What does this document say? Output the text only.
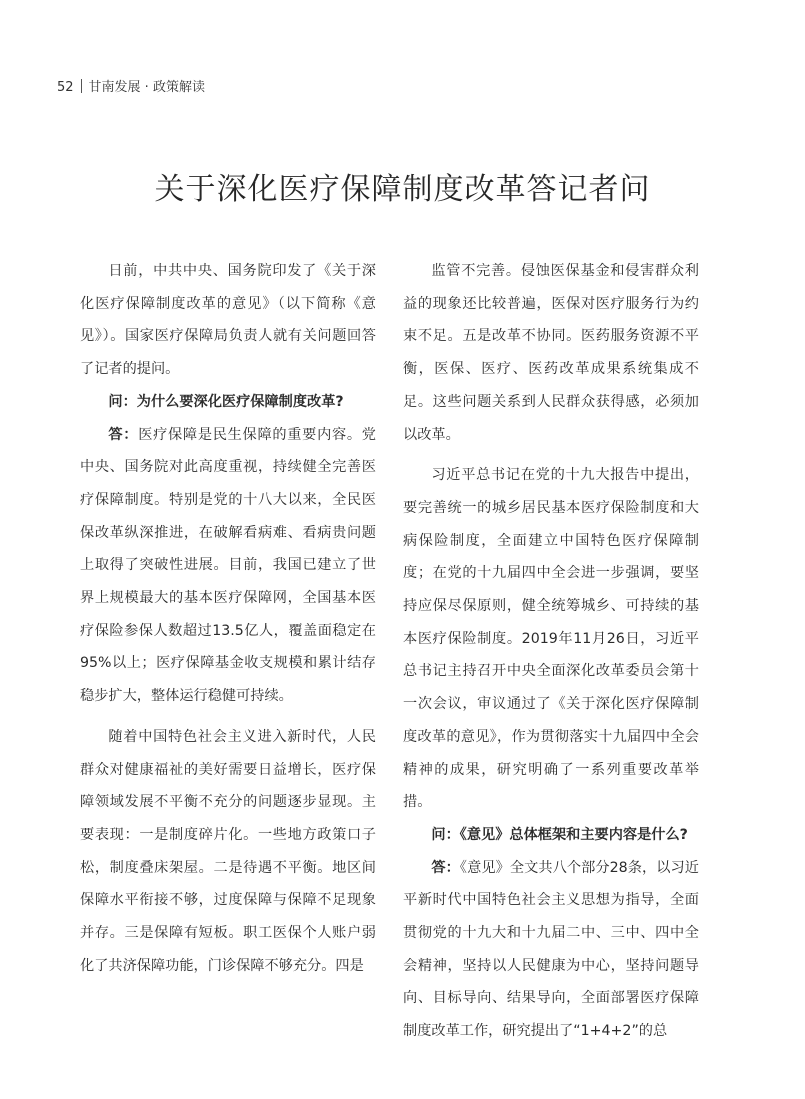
52 甘南发展 · 政策解读
关于深化医疗保障制度改革答记者问

日前，中共中央、国务院印发了《关于深化医疗保障制度改革的意见》（以下简称《意见》）。国家医疗保障局负责人就有关问题回答了记者的提问。

问：为什么要深化医疗保障制度改革?

答：医疗保障是民生保障的重要内容。党中央、国务院对此高度重视，持续健全完善医疗保障制度。特别是党的十八大以来，全民医保改革纵深推进，在破解看病难、看病贵问题上取得了突破性进展。目前，我国已建立了世界上规模最大的基本医疗保障网，全国基本医疗保险参保人数超过13.5亿人，覆盖面稳定在95%以上；医疗保障基金收支规模和累计结存稳步扩大，整体运行稳健可持续。

随着中国特色社会主义进入新时代，人民群众对健康福祉的美好需要日益增长，医疗保障领域发展不平衡不充分的问题逐步显现。主要表现：一是制度碎片化。一些地方政策口子松，制度叠床架屋。二是待遇不平衡。地区间保障水平衔接不够，过度保障与保障不足现象并存。三是保障有短板。职工医保个人账户弱化了共济保障功能，门诊保障不够充分。四是

监管不完善。侵蚀医保基金和侵害群众利益的现象还比较普遍，医保对医疗服务行为约束不足。五是改革不协同。医药服务资源不平衡，医保、医疗、医药改革成果系统集成不足。这些问题关系到人民群众获得感，必须加以改革。

习近平总书记在党的十九大报告中提出，要完善统一的城乡居民基本医疗保险制度和大病保险制度，全面建立中国特色医疗保障制度；在党的十九届四中全会进一步强调，要坚持应保尽保原则，健全统筹城乡、可持续的基本医疗保险制度。2019年11月26日，习近平总书记主持召开中央全面深化改革委员会第十一次会议，审议通过了《关于深化医疗保障制度改革的意见》，作为贯彻落实十九届四中全会精神的成果，研究明确了一系列重要改革举措。

问：《意见》总体框架和主要内容是什么?

答：《意见》全文共八个部分28条，以习近平新时代中国特色社会主义思想为指导，全面贯彻党的十九大和十九届二中、三中、四中全会精神，坚持以人民健康为中心，坚持问题导向、目标导向、结果导向，全面部署医疗保障制度改革工作，研究提出了“1+4+2”的总
